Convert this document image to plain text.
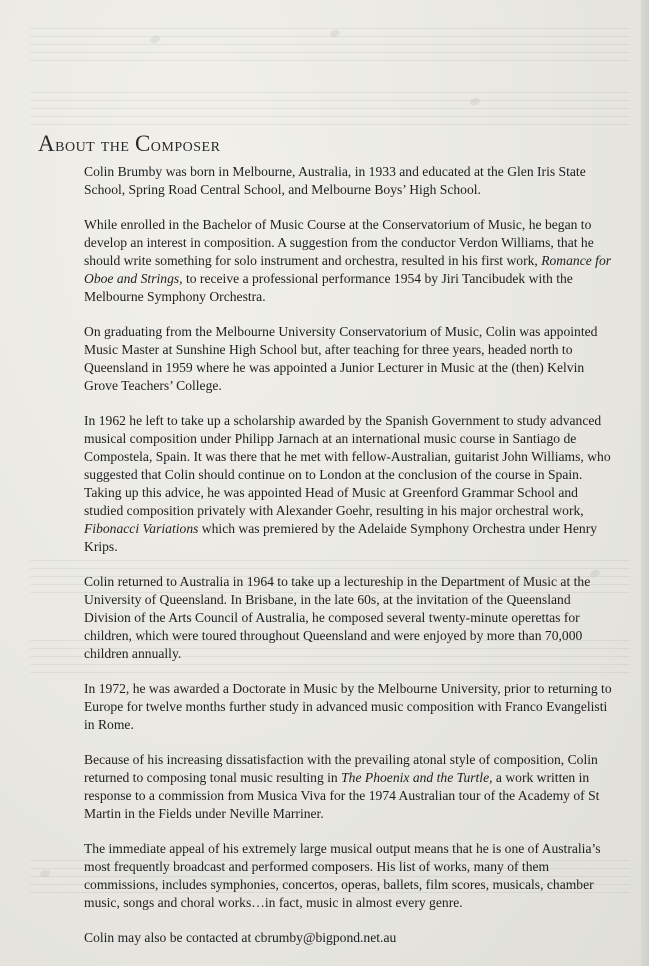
About the Composer

Colin Brumby was born in Melbourne, Australia, in 1933 and educated at the Glen Iris State School, Spring Road Central School, and Melbourne Boys’ High School.

While enrolled in the Bachelor of Music Course at the Conservatorium of Music, he began to develop an interest in composition. A suggestion from the conductor Verdon Williams, that he should write something for solo instrument and orchestra, resulted in his first work, Romance for Oboe and Strings, to receive a professional performance 1954 by Jiri Tancibudek with the Melbourne Symphony Orchestra.

On graduating from the Melbourne University Conservatorium of Music, Colin was appointed Music Master at Sunshine High School but, after teaching for three years, headed north to Queensland in 1959 where he was appointed a Junior Lecturer in Music at the (then) Kelvin Grove Teachers’ College.

In 1962 he left to take up a scholarship awarded by the Spanish Government to study advanced musical composition under Philipp Jarnach at an international music course in Santiago de Compostela, Spain. It was there that he met with fellow-Australian, guitarist John Williams, who suggested that Colin should continue on to London at the conclusion of the course in Spain. Taking up this advice, he was appointed Head of Music at Greenford Grammar School and studied composition privately with Alexander Goehr, resulting in his major orchestral work, Fibonacci Variations which was premiered by the Adelaide Symphony Orchestra under Henry Krips.

Colin returned to Australia in 1964 to take up a lectureship in the Department of Music at the University of Queensland. In Brisbane, in the late 60s, at the invitation of the Queensland Division of the Arts Council of Australia, he composed several twenty-minute operettas for children, which were toured throughout Queensland and were enjoyed by more than 70,000 children annually.

In 1972, he was awarded a Doctorate in Music by the Melbourne University, prior to returning to Europe for twelve months further study in advanced music composition with Franco Evangelisti in Rome.

Because of his increasing dissatisfaction with the prevailing atonal style of composition, Colin returned to composing tonal music resulting in The Phoenix and the Turtle, a work written in response to a commission from Musica Viva for the 1974 Australian tour of the Academy of St Martin in the Fields under Neville Marriner.

The immediate appeal of his extremely large musical output means that he is one of Australia’s most frequently broadcast and performed composers. His list of works, many of them commissions, includes symphonies, concertos, operas, ballets, film scores, musicals, chamber music, songs and choral works…in fact, music in almost every genre.

Colin may also be contacted at cbrumby@bigpond.net.au
